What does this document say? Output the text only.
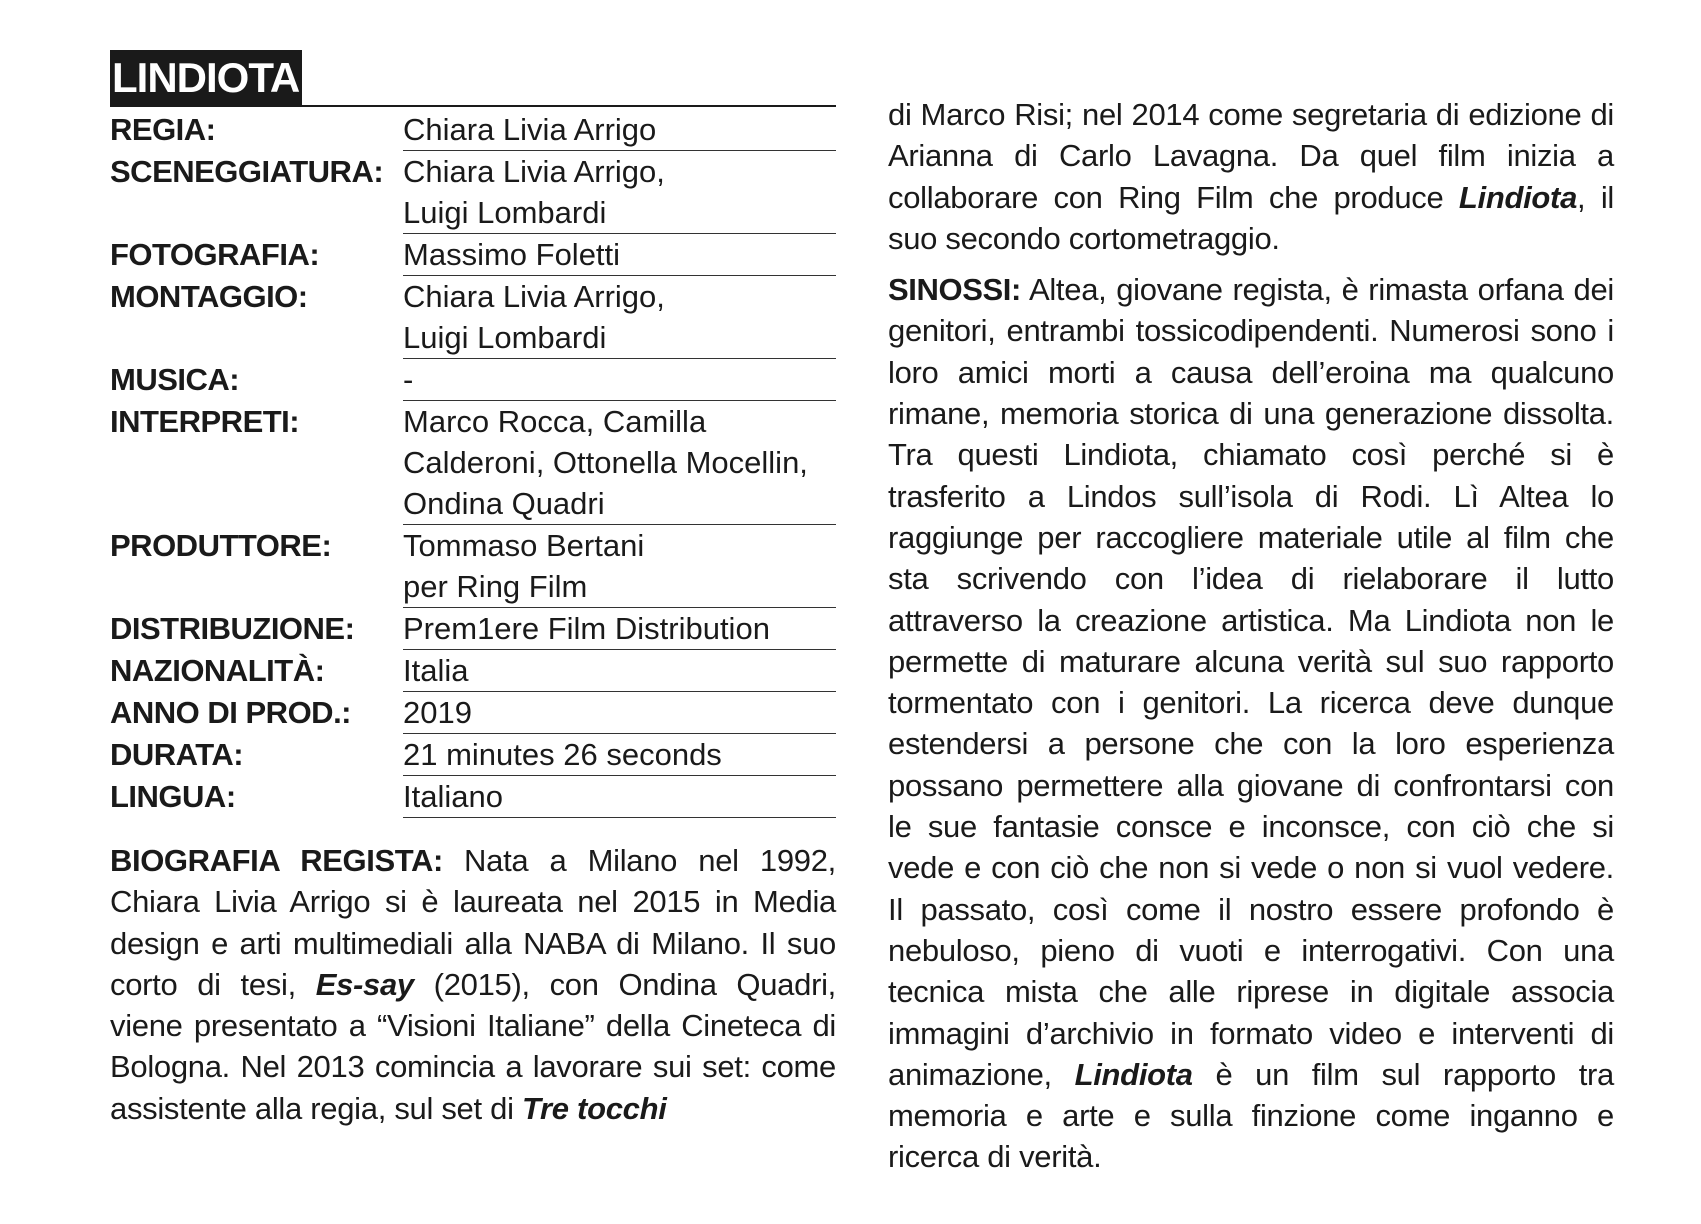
LINDIOTA
REGIA:	Chiara Livia Arrigo
SCENEGGIATURA: Chiara Livia Arrigo,
Luigi Lombardi
FOTOGRAFIA:	Massimo Foletti
MONTAGGIO:	Chiara Livia Arrigo,
Luigi Lombardi
MUSICA:	-
INTERPRETI:	Marco Rocca, Camilla
Calderoni, Ottonella Mocellin,
Ondina Quadri
PRODUTTORE:	Tommaso Bertani
per Ring Film
DISTRIBUZIONE:	Prem1ere Film Distribution
NAZIONALITÀ:	Italia
ANNO DI PROD.:	2019
DURATA:	21 minutes 26 seconds
LINGUA:	Italiano

BIOGRAFIA REGISTA: Nata a Milano nel 1992, Chiara Livia Arrigo si è laureata nel 2015 in Media design e arti multimediali alla NABA di Milano. Il suo corto di tesi, Es-say (2015), con Ondina Quadri, viene presentato a “Visioni Italiane” della Cineteca di Bologna. Nel 2013 comincia a lavorare sui set: come assistente alla regia, sul set di Tre tocchi

di Marco Risi; nel 2014 come segretaria di edizione di Arianna di Carlo Lavagna. Da quel film inizia a collaborare con Ring Film che produce Lindiota, il suo secondo cortometraggio.

SINOSSI: Altea, giovane regista, è rimasta orfana dei genitori, entrambi tossicodipendenti. Numerosi sono i loro amici morti a causa dell’eroina ma qualcuno rimane, memoria storica di una generazione dissolta. Tra questi Lindiota, chiamato così perché si è trasferito a Lindos sull’isola di Rodi. Lì Altea lo raggiunge per raccogliere materiale utile al film che sta scrivendo con l’idea di rielaborare il lutto attraverso la creazione artistica. Ma Lindiota non le permette di maturare alcuna verità sul suo rapporto tormentato con i genitori. La ricerca deve dunque estendersi a persone che con la loro esperienza possano permettere alla giovane di confrontarsi con le sue fantasie consce e inconsce, con ciò che si vede e con ciò che non si vede o non si vuol vedere. Il passato, così come il nostro essere profondo è nebuloso, pieno di vuoti e interrogativi. Con una tecnica mista che alle riprese in digitale associa immagini d’archivio in formato video e interventi di animazione, Lindiota è un film sul rapporto tra memoria e arte e sulla finzione come inganno e ricerca di verità.
